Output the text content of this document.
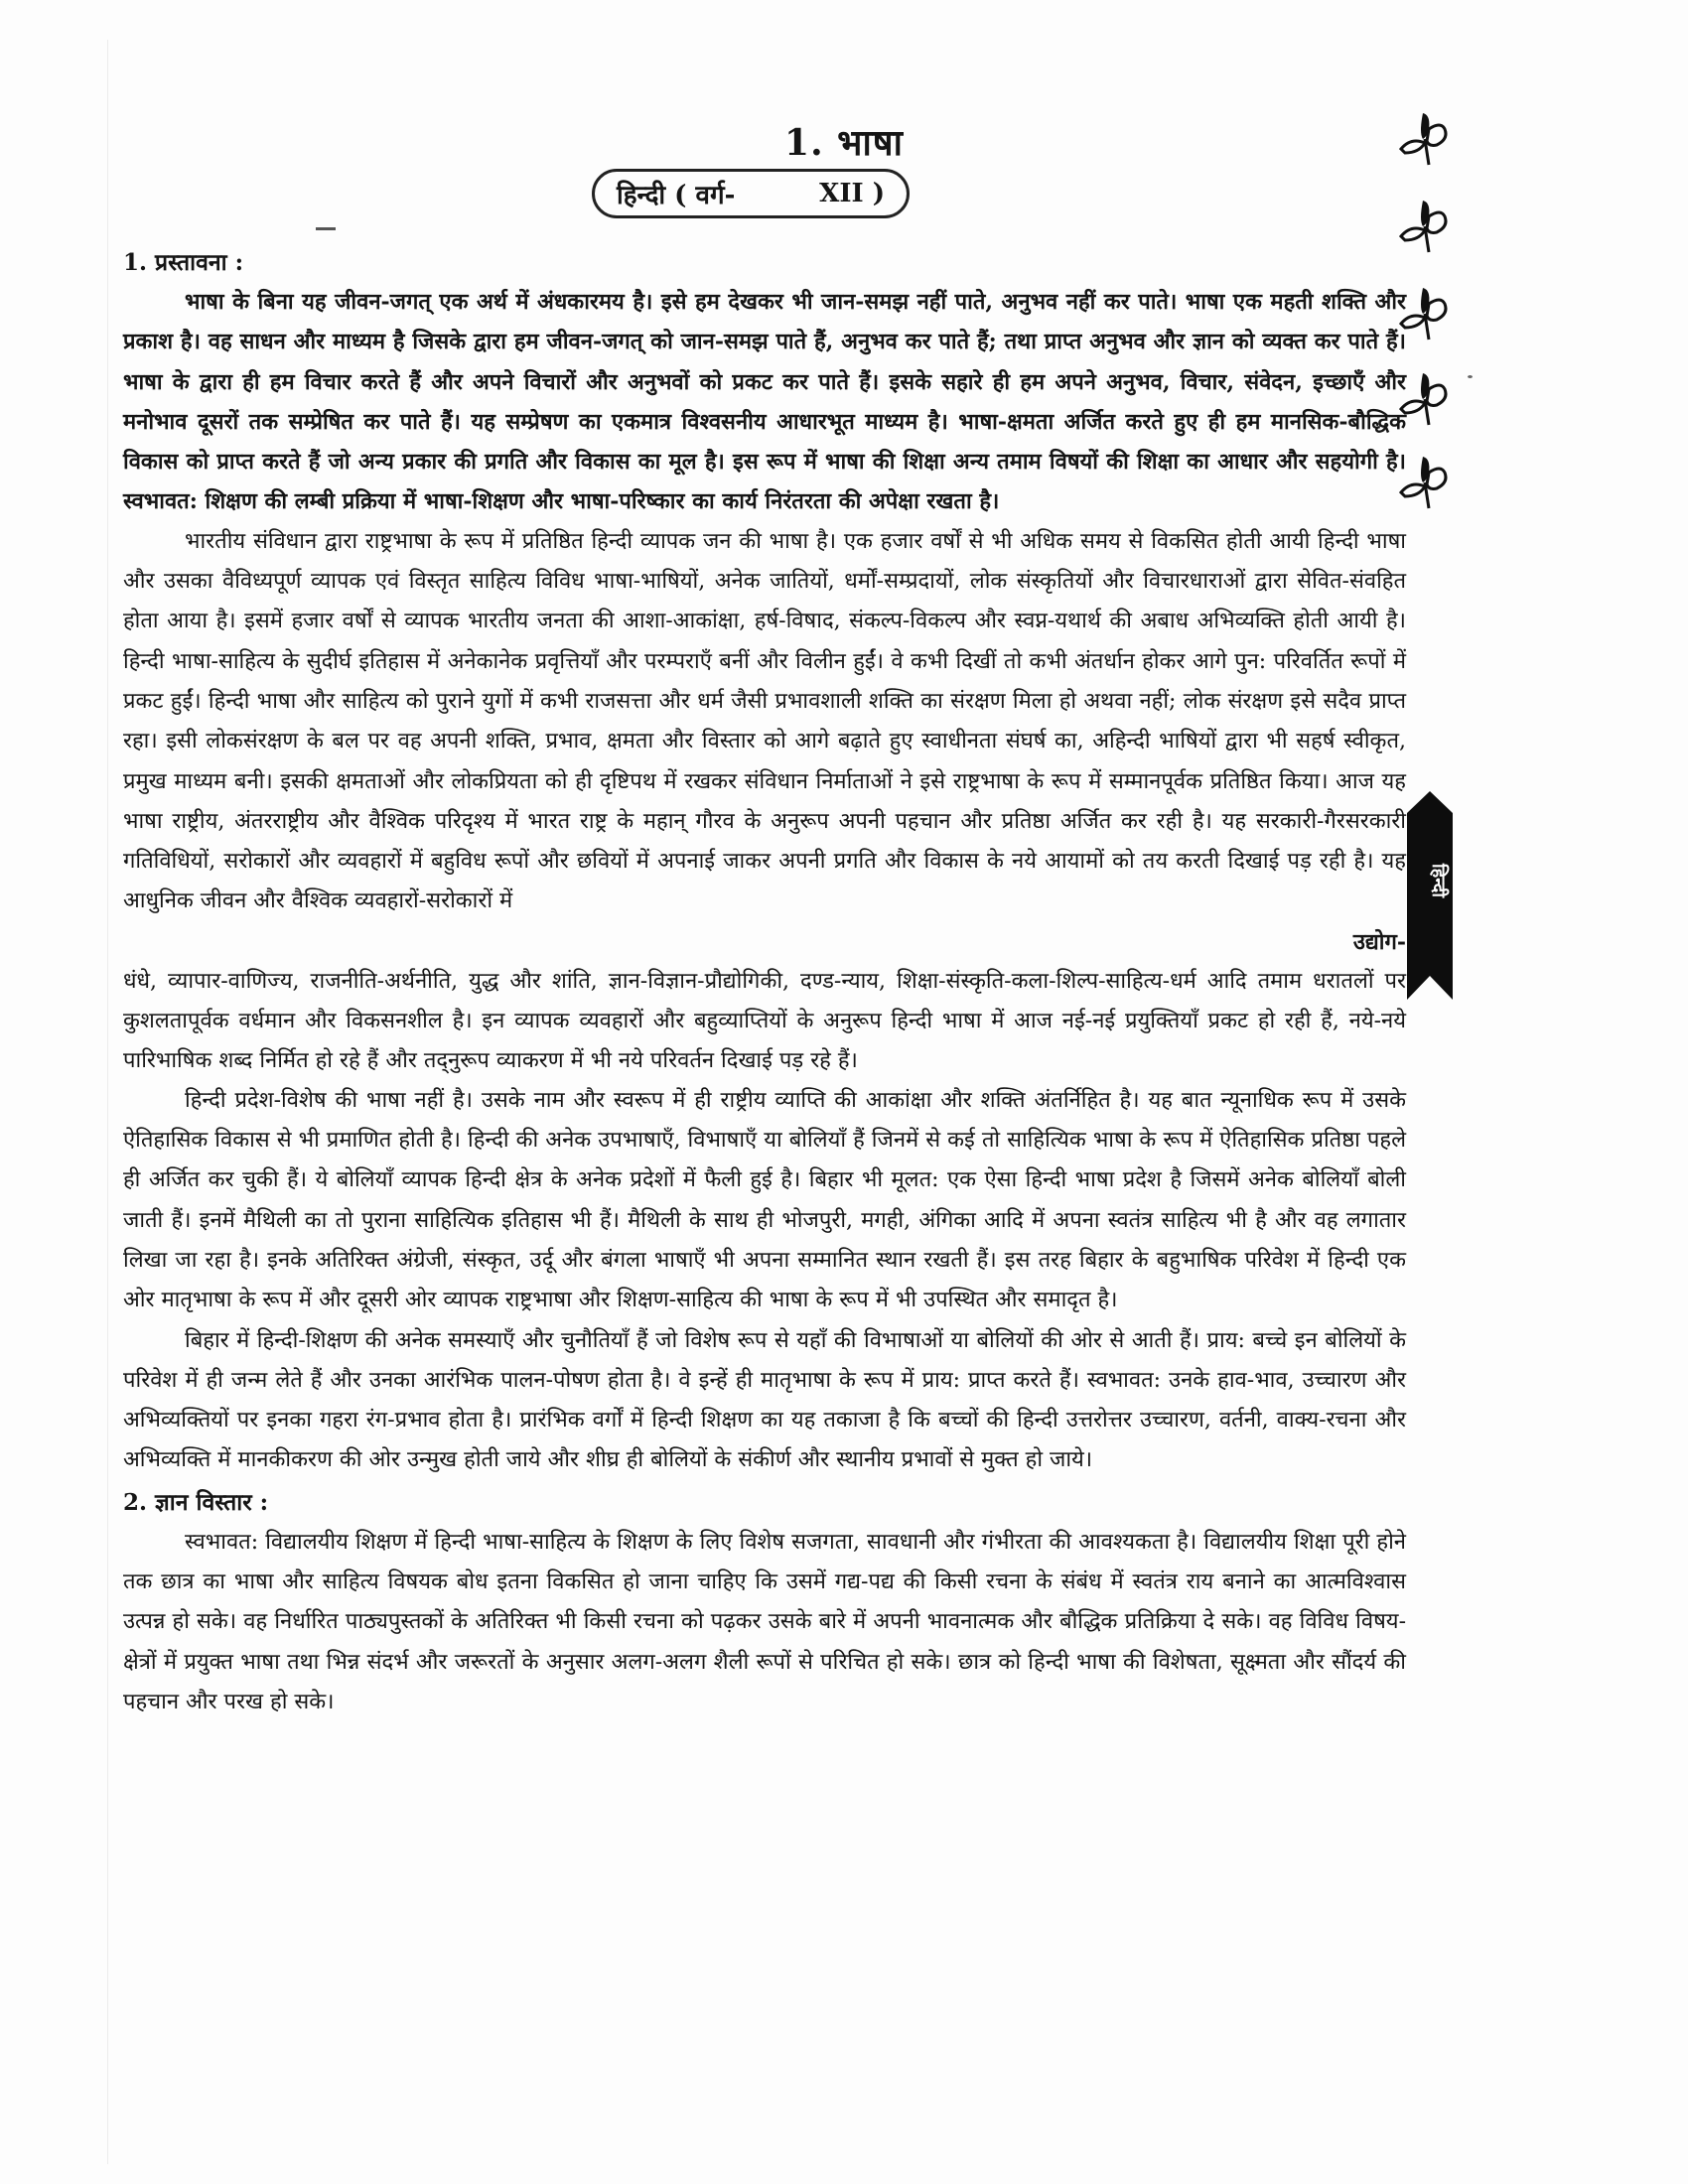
1. भाषा
हिन्दी ( वर्ग-	XII )
हिन्दी
1. प्रस्तावना :

भाषा के बिना यह जीवन-जगत् एक अर्थ में अंधकारमय है। इसे हम देखकर भी जान-समझ नहीं पाते, अनुभव नहीं कर पाते। भाषा एक महती शक्ति और प्रकाश है। वह साधन और माध्यम है जिसके द्वारा हम जीवन-जगत् को जान-समझ पाते हैं, अनुभव कर पाते हैं; तथा प्राप्त अनुभव और ज्ञान को व्यक्त कर पाते हैं। भाषा के द्वारा ही हम विचार करते हैं और अपने विचारों और अनुभवों को प्रकट कर पाते हैं। इसके सहारे ही हम अपने अनुभव, विचार, संवेदन, इच्छाएँ और मनोभाव दूसरों तक सम्प्रेषित कर पाते हैं। यह सम्प्रेषण का एकमात्र विश्वसनीय आधारभूत माध्यम है। भाषा-क्षमता अर्जित करते हुए ही हम मानसिक-बौद्धिक विकास को प्राप्त करते हैं जो अन्य प्रकार की प्रगति और विकास का मूल है। इस रूप में भाषा की शिक्षा अन्य तमाम विषयों की शिक्षा का आधार और सहयोगी है। स्वभावत: शिक्षण की लम्बी प्रक्रिया में भाषा-शिक्षण और भाषा-परिष्कार का कार्य निरंतरता की अपेक्षा रखता है।

भारतीय संविधान द्वारा राष्ट्रभाषा के रूप में प्रतिष्ठित हिन्दी व्यापक जन की भाषा है। एक हजार वर्षों से भी अधिक समय से विकसित होती आयी हिन्दी भाषा और उसका वैविध्यपूर्ण व्यापक एवं विस्तृत साहित्य विविध भाषा-भाषियों, अनेक जातियों, धर्मों-सम्प्रदायों, लोक संस्कृतियों और विचारधाराओं द्वारा सेवित-संवहित होता आया है। इसमें हजार वर्षों से व्यापक भारतीय जनता की आशा-आकांक्षा, हर्ष-विषाद, संकल्प-विकल्प और स्वप्न-यथार्थ की अबाध अभिव्यक्ति होती आयी है। हिन्दी भाषा-साहित्य के सुदीर्घ इतिहास में अनेकानेक प्रवृत्तियाँ और परम्पराएँ बनीं और विलीन हुईं। वे कभी दिखीं तो कभी अंतर्धान होकर आगे पुन: परिवर्तित रूपों में प्रकट हुईं। हिन्दी भाषा और साहित्य को पुराने युगों में कभी राजसत्ता और धर्म जैसी प्रभावशाली शक्ति का संरक्षण मिला हो अथवा नहीं; लोक संरक्षण इसे सदैव प्राप्त रहा। इसी लोकसंरक्षण के बल पर वह अपनी शक्ति, प्रभाव, क्षमता और विस्तार को आगे बढ़ाते हुए स्वाधीनता संघर्ष का, अहिन्दी भाषियों द्वारा भी सहर्ष स्वीकृत, प्रमुख माध्यम बनी। इसकी क्षमताओं और लोकप्रियता को ही दृष्टिपथ में रखकर संविधान निर्माताओं ने इसे राष्ट्रभाषा के रूप में सम्मानपूर्वक प्रतिष्ठित किया। आज यह भाषा राष्ट्रीय, अंतरराष्ट्रीय और वैश्विक परिदृश्य में भारत राष्ट्र के महान् गौरव के अनुरूप अपनी पहचान और प्रतिष्ठा अर्जित कर रही है। यह सरकारी-गैरसरकारी गतिविधियों, सरोकारों और व्यवहारों में बहुविध रूपों और छवियों में अपनाई जाकर अपनी प्रगति और विकास के नये आयामों को तय करती दिखाई पड़ रही है। यह आधुनिक जीवन और वैश्विक व्यवहारों-सरोकारों में

उद्योग-

धंधे, व्यापार-वाणिज्य, राजनीति-अर्थनीति, युद्ध और शांति, ज्ञान-विज्ञान-प्रौद्योगिकी, दण्ड-न्याय, शिक्षा-संस्कृति-कला-शिल्प-साहित्य-धर्म आदि तमाम धरातलों पर कुशलतापूर्वक वर्धमान और विकसनशील है। इन व्यापक व्यवहारों और बहुव्याप्तियों के अनुरूप हिन्दी भाषा में आज नई-नई प्रयुक्तियाँ प्रकट हो रही हैं, नये-नये पारिभाषिक शब्द निर्मित हो रहे हैं और तद्नुरूप व्याकरण में भी नये परिवर्तन दिखाई पड़ रहे हैं।

हिन्दी प्रदेश-विशेष की भाषा नहीं है। उसके नाम और स्वरूप में ही राष्ट्रीय व्याप्ति की आकांक्षा और शक्ति अंतर्निहित है। यह बात न्यूनाधिक रूप में उसके ऐतिहासिक विकास से भी प्रमाणित होती है। हिन्दी की अनेक उपभाषाएँ, विभाषाएँ या बोलियाँ हैं जिनमें से कई तो साहित्यिक भाषा के रूप में ऐतिहासिक प्रतिष्ठा पहले ही अर्जित कर चुकी हैं। ये बोलियाँ व्यापक हिन्दी क्षेत्र के अनेक प्रदेशों में फैली हुई है। बिहार भी मूलत: एक ऐसा हिन्दी भाषा प्रदेश है जिसमें अनेक बोलियाँ बोली जाती हैं। इनमें मैथिली का तो पुराना साहित्यिक इतिहास भी हैं। मैथिली के साथ ही भोजपुरी, मगही, अंगिका आदि में अपना स्वतंत्र साहित्य भी है और वह लगातार लिखा जा रहा है। इनके अतिरिक्त अंग्रेजी, संस्कृत, उर्दू और बंगला भाषाएँ भी अपना सम्मानित स्थान रखती हैं। इस तरह बिहार के बहुभाषिक परिवेश में हिन्दी एक ओर मातृभाषा के रूप में और दूसरी ओर व्यापक राष्ट्रभाषा और शिक्षण-साहित्य की भाषा के रूप में भी उपस्थित और समादृत है।

बिहार में हिन्दी-शिक्षण की अनेक समस्याएँ और चुनौतियाँ हैं जो विशेष रूप से यहाँ की विभाषाओं या बोलियों की ओर से आती हैं। प्राय: बच्चे इन बोलियों के परिवेश में ही जन्म लेते हैं और उनका आरंभिक पालन-पोषण होता है। वे इन्हें ही मातृभाषा के रूप में प्राय: प्राप्त करते हैं। स्वभावत: उनके हाव-भाव, उच्चारण और अभिव्यक्तियों पर इनका गहरा रंग-प्रभाव होता है। प्रारंभिक वर्गों में हिन्दी शिक्षण का यह तकाजा है कि बच्चों की हिन्दी उत्तरोत्तर उच्चारण, वर्तनी, वाक्य-रचना और अभिव्यक्ति में मानकीकरण की ओर उन्मुख होती जाये और शीघ्र ही बोलियों के संकीर्ण और स्थानीय प्रभावों से मुक्त हो जाये।

2. ज्ञान विस्तार :

स्वभावत: विद्यालयीय शिक्षण में हिन्दी भाषा-साहित्य के शिक्षण के लिए विशेष सजगता, सावधानी और गंभीरता की आवश्यकता है। विद्यालयीय शिक्षा पूरी होने तक छात्र का भाषा और साहित्य विषयक बोध इतना विकसित हो जाना चाहिए कि उसमें गद्य-पद्य की किसी रचना के संबंध में स्वतंत्र राय बनाने का आत्मविश्वास उत्पन्न हो सके। वह निर्धारित पाठ्यपुस्तकों के अतिरिक्त भी किसी रचना को पढ़कर उसके बारे में अपनी भावनात्मक और बौद्धिक प्रतिक्रिया दे सके। वह विविध विषय-क्षेत्रों में प्रयुक्त भाषा तथा भिन्न संदर्भ और जरूरतों के अनुसार अलग-अलग शैली रूपों से परिचित हो सके। छात्र को हिन्दी भाषा की विशेषता, सूक्ष्मता और सौंदर्य की पहचान और परख हो सके।
